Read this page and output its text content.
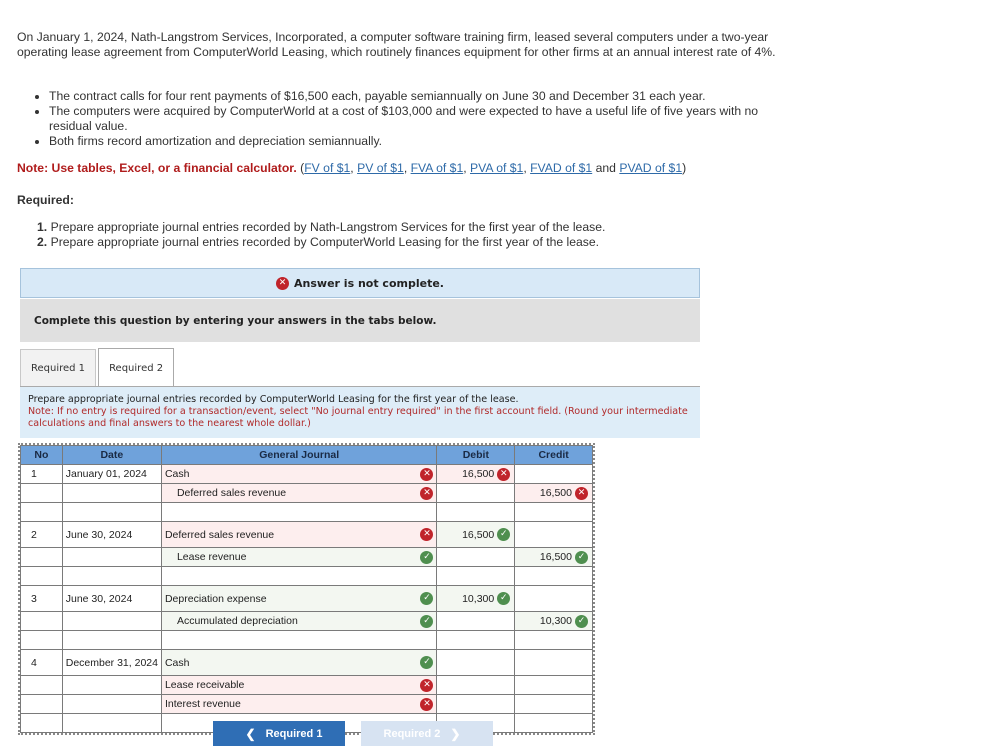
On January 1, 2024, Nath-Langstrom Services, Incorporated, a computer software training firm, leased several computers under a two-year operating lease agreement from ComputerWorld Leasing, which routinely finances equipment for other firms at an annual interest rate of 4%.
• The contract calls for four rent payments of $16,500 each, payable semiannually on June 30 and December 31 each year.
• The computers were acquired by ComputerWorld at a cost of $103,000 and were expected to have a useful life of five years with no residual value.
• Both firms record amortization and depreciation semiannually.
Note: Use tables, Excel, or a financial calculator. (FV of $1, PV of $1, FVA of $1, PVA of $1, FVAD of $1 and PVAD of $1)
Required:
1. Prepare appropriate journal entries recorded by Nath-Langstrom Services for the first year of the lease.
2. Prepare appropriate journal entries recorded by ComputerWorld Leasing for the first year of the lease.
✕ Answer is not complete.
Complete this question by entering your answers in the tabs below.
Required 1	Required 2
Prepare appropriate journal entries recorded by ComputerWorld Leasing for the first year of the lease.
Note: If no entry is required for a transaction/event, select "No journal entry required" in the first account field. (Round your intermediate calculations and final answers to the nearest whole dollar.)
No	Date	General Journal	Debit	Credit
1	January 01, 2024	Cash ✕	16,500 ✕	

		Deferred sales revenue ✕		16,500 ✕

2	June 30, 2024	Deferred sales revenue ✕	16,500 ✓	

		Lease revenue ✓		16,500 ✓

3	June 30, 2024	Depreciation expense ✓	10,300 ✓	

		Accumulated depreciation ✓		10,300 ✓

4	December 31, 2024	Cash ✓		

		Lease receivable ✕		

		Interest revenue ✕		

❮ Required 1	Required 2 ❯
